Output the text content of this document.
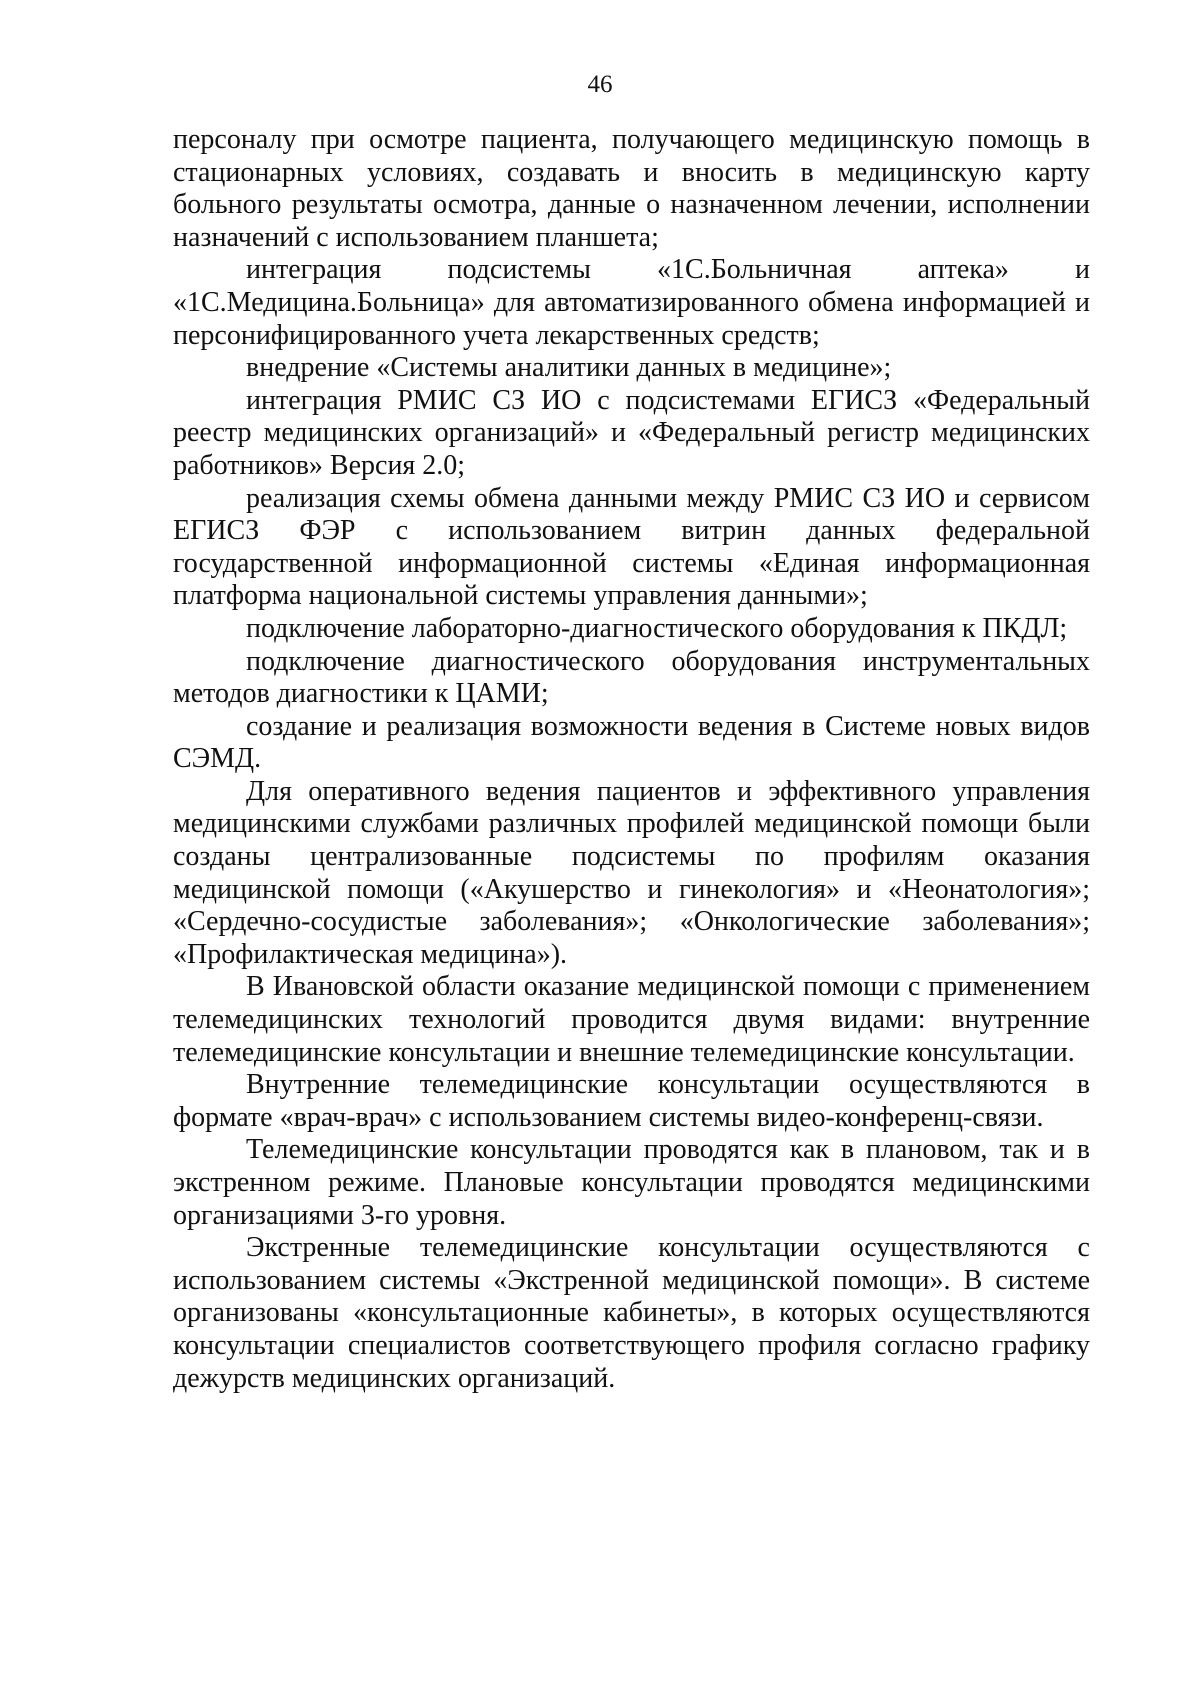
46

персоналу при осмотре пациента, получающего медицинскую помощь в стационарных условиях, создавать и вносить в медицинскую карту больного результаты осмотра, данные о назначенном лечении, исполнении назначений с использованием планшета;

интеграция подсистемы «1С.Больничная аптека» и «1С.Медицина.Больница» для автоматизированного обмена информацией и персонифицированного учета лекарственных средств;

внедрение «Системы аналитики данных в медицине»;

интеграция РМИС СЗ ИО с подсистемами ЕГИСЗ «Федеральный реестр медицинских организаций» и «Федеральный регистр медицинских работников» Версия 2.0;

реализация схемы обмена данными между РМИС СЗ ИО и сервисом ЕГИСЗ ФЭР с использованием витрин данных федеральной государственной информационной системы «Единая информационная платформа национальной системы управления данными»;

подключение лабораторно-диагностического оборудования к ПКДЛ;

подключение диагностического оборудования инструментальных методов диагностики к ЦАМИ;

создание и реализация возможности ведения в Системе новых видов СЭМД.

Для оперативного ведения пациентов и эффективного управления медицинскими службами различных профилей медицинской помощи были созданы централизованные подсистемы по профилям оказания медицинской помощи («Акушерство и гинекология» и «Неонатология»; «Сердечно-сосудистые заболевания»; «Онкологические заболевания»; «Профилактическая медицина»).

В Ивановской области оказание медицинской помощи с применением телемедицинских технологий проводится двумя видами: внутренние телемедицинские консультации и внешние телемедицинские консультации.

Внутренние телемедицинские консультации осуществляются в формате «врач-врач» с использованием системы видео-конференц-связи.

Телемедицинские консультации проводятся как в плановом, так и в экстренном режиме. Плановые консультации проводятся медицинскими организациями 3-го уровня.

Экстренные телемедицинские консультации осуществляются с использованием системы «Экстренной медицинской помощи». В системе организованы «консультационные кабинеты», в которых осуществляются консультации специалистов соответствующего профиля согласно графику дежурств медицинских организаций.
